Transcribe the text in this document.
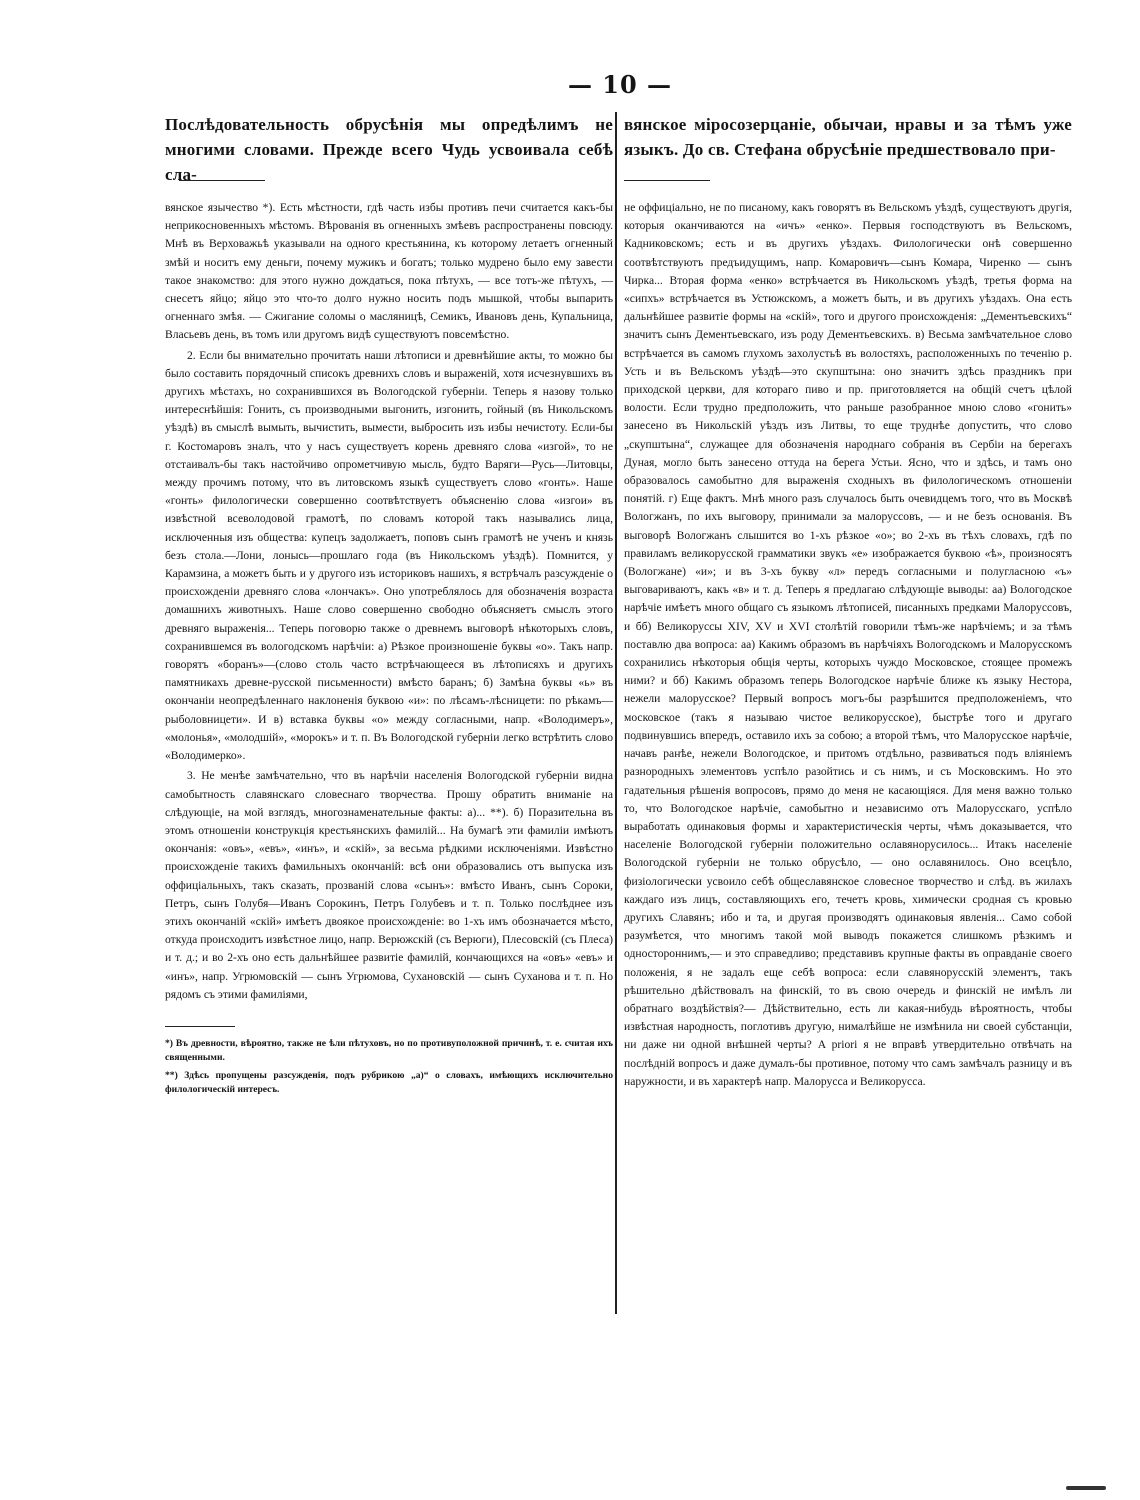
— 10 —

Послѣдовательность обрусѣнія мы опредѣлимъ не многими словами. Прежде всего Чудь усвоивала себѣ сла-

вянское язычество *). Есть мѣстности, гдѣ часть избы противъ печи считается какъ-бы неприкосновенныхъ мѣстомъ. Вѣрованія въ огненныхъ змѣевъ распространены повсюду. Мнѣ въ Верховажьѣ указывали на одного крестьянина, къ которому летаетъ огненный змѣй и носитъ ему деньги, почему мужикъ и богатъ; только мудрено было ему завести такое знакомство: для этого нужно дождаться, пока пѣтухъ, — все тотъ-же пѣтухъ, — снесетъ яйцо; яйцо это что-то долго нужно носить подъ мышкой, чтобы выпарить огненнаго змѣя. — Сжигание соломы о масляницѣ, Семикъ, Ивановъ день, Купальница, Власьевъ день, въ томъ или другомъ видѣ существуютъ повсемѣстно.

2. Если бы внимательно прочитать наши лѣтописи и древнѣйшие акты, то можно бы было составить порядочный списокъ древнихъ словъ и выраженій, хотя исчезнувшихъ въ другихъ мѣстахъ, но сохранившихся въ Вологодской губерніи. Теперь я назову только интереснѣйшія: Гонить, съ производными выгонить, изгонить, гойный (въ Никольскомъ уѣздѣ) въ смыслѣ вымыть, вычистить, вымести, выбросить изъ избы нечистоту. Если-бы г. Костомаровъ зналъ, что у насъ существуетъ корень древняго слова «изгой», то не отстаивалъ-бы такъ настойчиво опрометчивую мысль, будто Варяги—Русь—Литовцы, между прочимъ потому, что въ литовскомъ языкѣ существуетъ слово «гонть». Наше «гонть» филологически совершенно соотвѣтствуетъ объясненію слова «изгои» въ извѣстной всеволодовой грамотѣ, по словамъ которой такъ назывались лица, исключенныя изъ общества: купецъ задолжаетъ, поповъ сынъ грамотѣ не ученъ и князь безъ стола.—Лони, лонысь—прошлаго года (въ Никольскомъ уѣздѣ). Помнится, у Карамзина, а можетъ быть и у другого изъ историковъ нашихъ, я встрѣчалъ разсужденіе о происхожденіи древняго слова «лончакъ». Оно употреблялось для обозначенія возраста домашнихъ животныхъ. Наше слово совершенно свободно объясняетъ смыслъ этого древняго выраженія... Теперь поговорю также о древнемъ выговорѣ нѣкоторыхъ словъ, сохранившемся въ вологодскомъ нарѣчіи: а) Рѣзкое произношеніе буквы «о». Такъ напр. говорятъ «боранъ»—(слово столь часто встрѣчающееся въ лѣтописяхъ и другихъ памятникахъ древне-русской письменности) вмѣсто баранъ; б) Замѣна буквы «ь» въ окончаніи неопредѣленнаго наклоненія буквою «и»: по лѣсамъ-лѣсницети: по рѣкамъ—рыболовницети». И в) вставка буквы «о» между согласными, напр. «Володимеръ», «молонья», «молодшій», «морокъ» и т. п. Въ Вологодской губерніи легко встрѣтить слово «Володимерко».

3. Не менѣе замѣчательно, что въ нарѣчіи населенія Вологодской губерніи видна самобытность славянскаго словеснаго творчества. Прошу обратить вниманіе на слѣдующіе, на мой взглядъ, многознаменательные факты: а)... **). б) Поразительна въ этомъ отношеніи конструкція крестьянскихъ фамилій... На бумагѣ эти фамиліи имѣютъ окончанія: «овъ», «евъ», «инъ», и «скій», за весьма рѣдкими исключеніями. Извѣстно происхожденіе такихъ фамильныхъ окончаній: всѣ они образовались отъ выпуска изъ оффиціальныхъ, такъ сказать, прозваній слова «сынъ»: вмѣсто Иванъ, сынъ Сороки, Петръ, сынъ Голубя—Иванъ Сорокинъ, Петръ Голубевъ и т. п. Только послѣднее изъ этихъ окончаній «скій» имѣетъ двоякое происхожденіе: во 1-хъ имъ обозначается мѣсто, откуда происходитъ извѣстное лицо, напр. Верюжскій (съ Верюги), Плесовскій (съ Плеса) и т. д.; и во 2-хъ оно есть дальнѣйшее развитіе фамилій, кончающихся на «овъ» «евъ» и «инъ», напр. Угрюмовскій — сынъ Угрюмова, Сухановскій — сынъ Суханова и т. п. Но рядомъ съ этими фамиліями,

*) Въ древности, вѣроятно, также не ѣли пѣтуховъ, но по противуположной причинѣ, т. е. считая ихъ священными.

**) Здѣсь пропущены разсужденія, подъ рубрикою „а)“ о словахъ, имѣющихъ исключительно филологическій интересъ.

вянское міросозерцаніе, обычаи, нравы и за тѣмъ уже языкъ. До св. Стефана обрусѣніе предшествовало при-

не оффиціально, не по писаному, какъ говорятъ въ Вельскомъ уѣздѣ, существуютъ другія, которыя оканчиваются на «ичъ» «енко». Первыя господствуютъ въ Вельскомъ, Кадниковскомъ; есть и въ другихъ уѣздахъ. Филологически онѣ совершенно соотвѣтствуютъ предъидущимъ, напр. Комаровичъ—сынъ Комара, Чиренко — сынъ Чирка... Вторая форма «енко» встрѣчается въ Никольскомъ уѣздѣ, третья форма на «сипхъ» встрѣчается въ Устюжскомъ, а можетъ быть, и въ другихъ уѣздахъ. Она есть дальнѣйшее развитіе формы на «скій», того и другого происхожденія: „Дементьевскихъ“ значитъ сынъ Дементьевскаго, изъ роду Дементьевскихъ. в) Весьма замѣчательное слово встрѣчается въ самомъ глухомъ захолустьѣ въ волостяхъ, расположенныхъ по теченію р. Усть и въ Вельскомъ уѣздѣ—это скупштына: оно значитъ здѣсь праздникъ при приходской церкви, для котораго пиво и пр. приготовляется на общій счетъ цѣлой волости. Если трудно предположить, что раньше разобранное мною слово «гонить» занесено въ Никольскій уѣздъ изъ Литвы, то еще труднѣе допустить, что слово „скупштына“, служащее для обозначенія народнаго собранія въ Сербіи на берегахъ Дуная, могло быть занесено оттуда на берега Устьи. Ясно, что и здѣсь, и тамъ оно образовалось самобытно для выраженія сходныхъ въ филологическомъ отношеніи понятій. г) Еще фактъ. Мнѣ много разъ случалось быть очевидцемъ того, что въ Москвѣ Вологжанъ, по ихъ выговору, принимали за малоруссовъ, — и не безъ основанія. Въ выговорѣ Вологжанъ слышится во 1-хъ рѣзкое «о»; во 2-хъ въ тѣхъ словахъ, гдѣ по правиламъ великорусской грамматики звукъ «е» изображается буквою «ѣ», произносятъ (Вологжане) «и»; и въ 3-хъ букву «л» передъ согласными и полугласною «ъ» выговариваютъ, какъ «в» и т. д. Теперь я предлагаю слѣдующіе выводы: аа) Вологодское нарѣчіе имѣетъ много общаго съ языкомъ лѣтописей, писанныхъ предками Малоруссовъ, и бб) Великоруссы XIV, XV и XVI столѣтій говорили тѣмъ-же нарѣчіемъ; и за тѣмъ поставлю два вопроса: аа) Какимъ образомъ въ нарѣчіяхъ Вологодскомъ и Малорусскомъ сохранились нѣкоторыя общія черты, которыхъ чуждо Московское, стоящее промежъ ними? и бб) Какимъ образомъ теперь Вологодское нарѣчіе ближе къ языку Нестора, нежели малорусское? Первый вопросъ могъ-бы разрѣшится предположеніемъ, что московское (такъ я называю чистое великорусское), быстрѣе того и другаго подвинувшись впередъ, оставило ихъ за собою; а второй тѣмъ, что Малорусское нарѣчіе, начавъ ранѣе, нежели Вологодское, и притомъ отдѣльно, развиваться подъ вліяніемъ разнородныхъ элементовъ успѣло разойтись и съ нимъ, и съ Московскимъ. Но это гадательныя рѣшенія вопросовъ, прямо до меня не касающіяся. Для меня важно только то, что Вологодское нарѣчіе, самобытно и независимо отъ Малорусскаго, успѣло выработать одинаковыя формы и характеристическія черты, чѣмъ доказывается, что населеніе Вологодской губерніи положительно ославянорусилось... Итакъ населеніе Вологодской губерніи не только обрусѣло, — оно ославянилось. Оно всецѣло, физіологически усвоило себѣ общеславянское словесное творчество и слѣд. въ жилахъ каждаго изъ лицъ, составляющихъ его, течетъ кровь, химически сродная съ кровью другихъ Славянъ; ибо и та, и другая производятъ одинаковыя явленія... Само собой разумѣется, что многимъ такой мой выводъ покажется слишкомъ рѣзкимъ и одностороннимъ,— и это справедливо; представивъ крупные факты въ оправданіе своего положенія, я не задалъ еще себѣ вопроса: если славянорусскій элементъ, такъ рѣшительно дѣйствовалъ на финскій, то въ свою очередь и финскій не имѣлъ ли обратнаго воздѣйствія?— Дѣйствительно, есть ли какая-нибудь вѣроятность, чтобы извѣстная народность, поглотивъ другую, нималѣйше не измѣнила ни своей субстанціи, ни даже ни одной внѣшней черты? A priori я не вправѣ утвердительно отвѣчать на послѣдній вопросъ и даже думалъ-бы противное, потому что самъ замѣчалъ разницу и въ наружности, и въ характерѣ напр. Малорусса и Великорусса.
